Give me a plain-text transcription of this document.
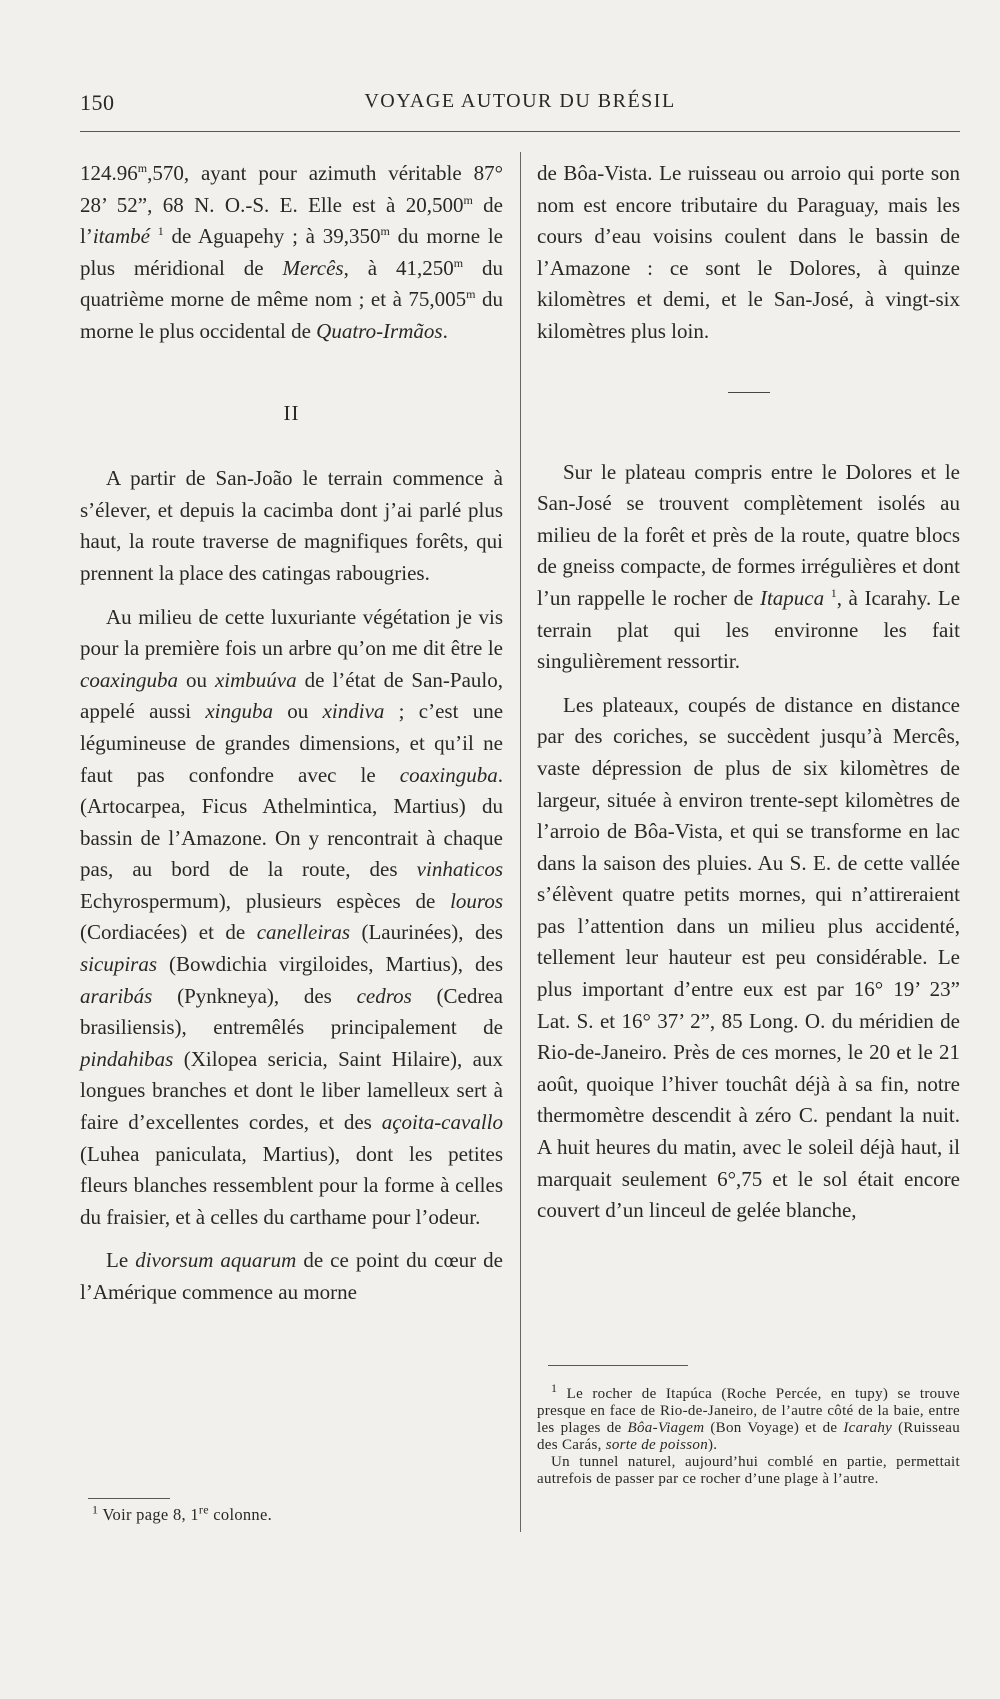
150	VOYAGE AUTOUR DU BRÉSIL

124.96$^m$,570, ayant pour azimuth véritable 87° 28’ 52”, 68 N. O.-S. E. Elle est à 20,500$^m$ de l’itambé $^1$ de Aguapehy ; à 39,350$^m$ du morne le plus méridional de Mercês, à 41,250$^m$ du quatrième morne de même nom ; et à 75,005$^m$ du morne le plus occidental de Quatro-Irmãos.

II

A partir de San-João le terrain commence à s’élever, et depuis la cacimba dont j’ai parlé plus haut, la route traverse de magnifiques forêts, qui prennent la place des catingas rabougries.

Au milieu de cette luxuriante végétation je vis pour la première fois un arbre qu’on me dit être le coaxinguba ou ximbuúva de l’état de San-Paulo, appelé aussi xinguba ou xindiva ; c’est une légumineuse de grandes dimensions, et qu’il ne faut pas confondre avec le coaxinguba. (Artocarpea, Ficus Athelmintica, Martius) du bassin de l’Amazone. On y rencontrait à chaque pas, au bord de la route, des vinhaticos Echyrospermum), plusieurs espèces de louros (Cordiacées) et de canelleiras (Laurinées), des sicupiras (Bowdichia virgiloides, Martius), des araribás (Pynkneya), des cedros (Cedrea brasiliensis), entremêlés principalement de pindahibas (Xilopea sericia, Saint Hilaire), aux longues branches et dont le liber lamelleux sert à faire d’excellentes cordes, et des açoita-cavallo (Luhea paniculata, Martius), dont les petites fleurs blanches ressemblent pour la forme à celles du fraisier, et à celles du carthame pour l’odeur.

Le divorsum aquarum de ce point du cœur de l’Amérique commence au morne

$^1$ Voir page 8, 1re colonne.

de Bôa-Vista. Le ruisseau ou arroio qui porte son nom est encore tributaire du Paraguay, mais les cours d’eau voisins coulent dans le bassin de l’Amazone : ce sont le Dolores, à quinze kilomètres et demi, et le San-José, à vingt-six kilomètres plus loin.

Sur le plateau compris entre le Dolores et le San-José se trouvent complètement isolés au milieu de la forêt et près de la route, quatre blocs de gneiss compacte, de formes irrégulières et dont l’un rappelle le rocher de Itapuca $^1$, à Icarahy. Le terrain plat qui les environne les fait singulièrement ressortir.

Les plateaux, coupés de distance en distance par des coriches, se succèdent jusqu’à Mercês, vaste dépression de plus de six kilomètres de largeur, située à environ trente-sept kilomètres de l’arroio de Bôa-Vista, et qui se transforme en lac dans la saison des pluies. Au S. E. de cette vallée s’élèvent quatre petits mornes, qui n’attireraient pas l’attention dans un milieu plus accidenté, tellement leur hauteur est peu considérable. Le plus important d’entre eux est par 16° 19’ 23” Lat. S. et 16° 37’ 2”, 85 Long. O. du méridien de Rio-de-Janeiro. Près de ces mornes, le 20 et le 21 août, quoique l’hiver touchât déjà à sa fin, notre thermomètre descendit à zéro C. pendant la nuit. A huit heures du matin, avec le soleil déjà haut, il marquait seulement 6°,75 et le sol était encore couvert d’un linceul de gelée blanche,

$^1$ Le rocher de Itapúca (Roche Percée, en tupy) se trouve presque en face de Rio-de-Janeiro, de l’autre côté de la baie, entre les plages de Bôa-Viagem (Bon Voyage) et de Icarahy (Ruisseau des Carás, sorte de poisson).

Un tunnel naturel, aujourd’hui comblé en partie, permettait autrefois de passer par ce rocher d’une plage à l’autre.
